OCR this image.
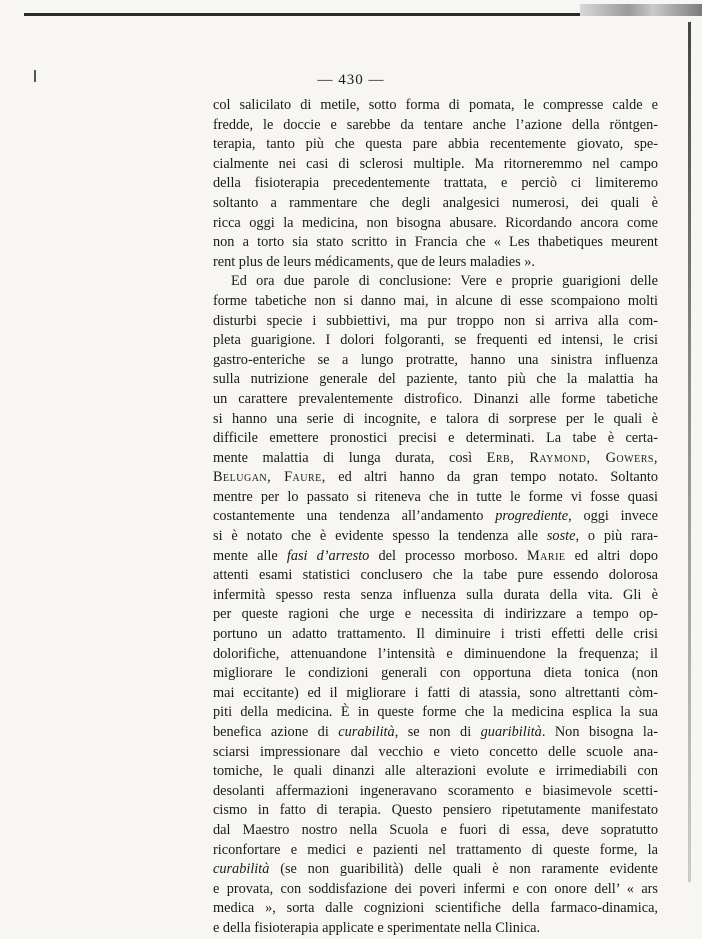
— 430 —
col salicilato di metile, sotto forma di pomata, le compresse calde e
fredde, le doccie e sarebbe da tentare anche l’azione della röntgen-
terapia, tanto più che questa pare abbia recentemente giovato, spe-
cialmente nei casi di sclerosi multiple. Ma ritorneremmo nel campo
della fisioterapia precedentemente trattata, e perciò ci limiteremo
soltanto a rammentare che degli analgesici numerosi, dei quali è
ricca oggi la medicina, non bisogna abusare. Ricordando ancora come
non a torto sia stato scritto in Francia che « Les thabetiques meurent
rent plus de leurs médicaments, que de leurs maladies ».
Ed ora due parole di conclusione: Vere e proprie guarigioni delle
forme tabetiche non si danno mai, in alcune di esse scompaiono molti
disturbi specie i subbiettivi, ma pur troppo non si arriva alla com-
pleta guarigione. I dolori folgoranti, se frequenti ed intensi, le crisi
gastro-enteriche se a lungo protratte, hanno una sinistra influenza
sulla nutrizione generale del paziente, tanto più che la malattia ha
un carattere prevalentemente distrofico. Dinanzi alle forme tabetiche
si hanno una serie di incognite, e talora di sorprese per le quali è
difficile emettere pronostici precisi e determinati. La tabe è certa-
mente malattia di lunga durata, così Erb, Raymond, Gowers,
Belugan, Faure, ed altri hanno da gran tempo notato. Soltanto
mentre per lo passato si riteneva che in tutte le forme vi fosse quasi
costantemente una tendenza all’andamento progrediente, oggi invece
si è notato che è evidente spesso la tendenza alle soste, o più rara-
mente alle fasi d’arresto del processo morboso. Marie ed altri dopo
attenti esami statistici conclusero che la tabe pure essendo dolorosa
infermità spesso resta senza influenza sulla durata della vita. Gli è
per queste ragioni che urge e necessita di indirizzare a tempo op-
portuno un adatto trattamento. Il diminuire i tristi effetti delle crisi
dolorifiche, attenuandone l’intensità e diminuendone la frequenza; il
migliorare le condizioni generali con opportuna dieta tonica (non
mai eccitante) ed il migliorare i fatti di atassia, sono altrettanti còm-
piti della medicina. È in queste forme che la medicina esplica la sua
benefica azione di curabilità, se non di guaribilità. Non bisogna la-
sciarsi impressionare dal vecchio e vieto concetto delle scuole ana-
tomiche, le quali dinanzi alle alterazioni evolute e irrimediabili con
desolanti affermazioni ingeneravano scoramento e biasimevole scetti-
cismo in fatto di terapia. Questo pensiero ripetutamente manifestato
dal Maestro nostro nella Scuola e fuori di essa, deve sopratutto
riconfortare e medici e pazienti nel trattamento di queste forme, la
curabilità (se non guaribilità) delle quali è non raramente evidente
e provata, con soddisfazione dei poveri infermi e con onore dell’ « ars
medica », sorta dalle cognizioni scientifiche della farmaco-dinamica,
e della fisioterapia applicate e sperimentate nella Clinica.
